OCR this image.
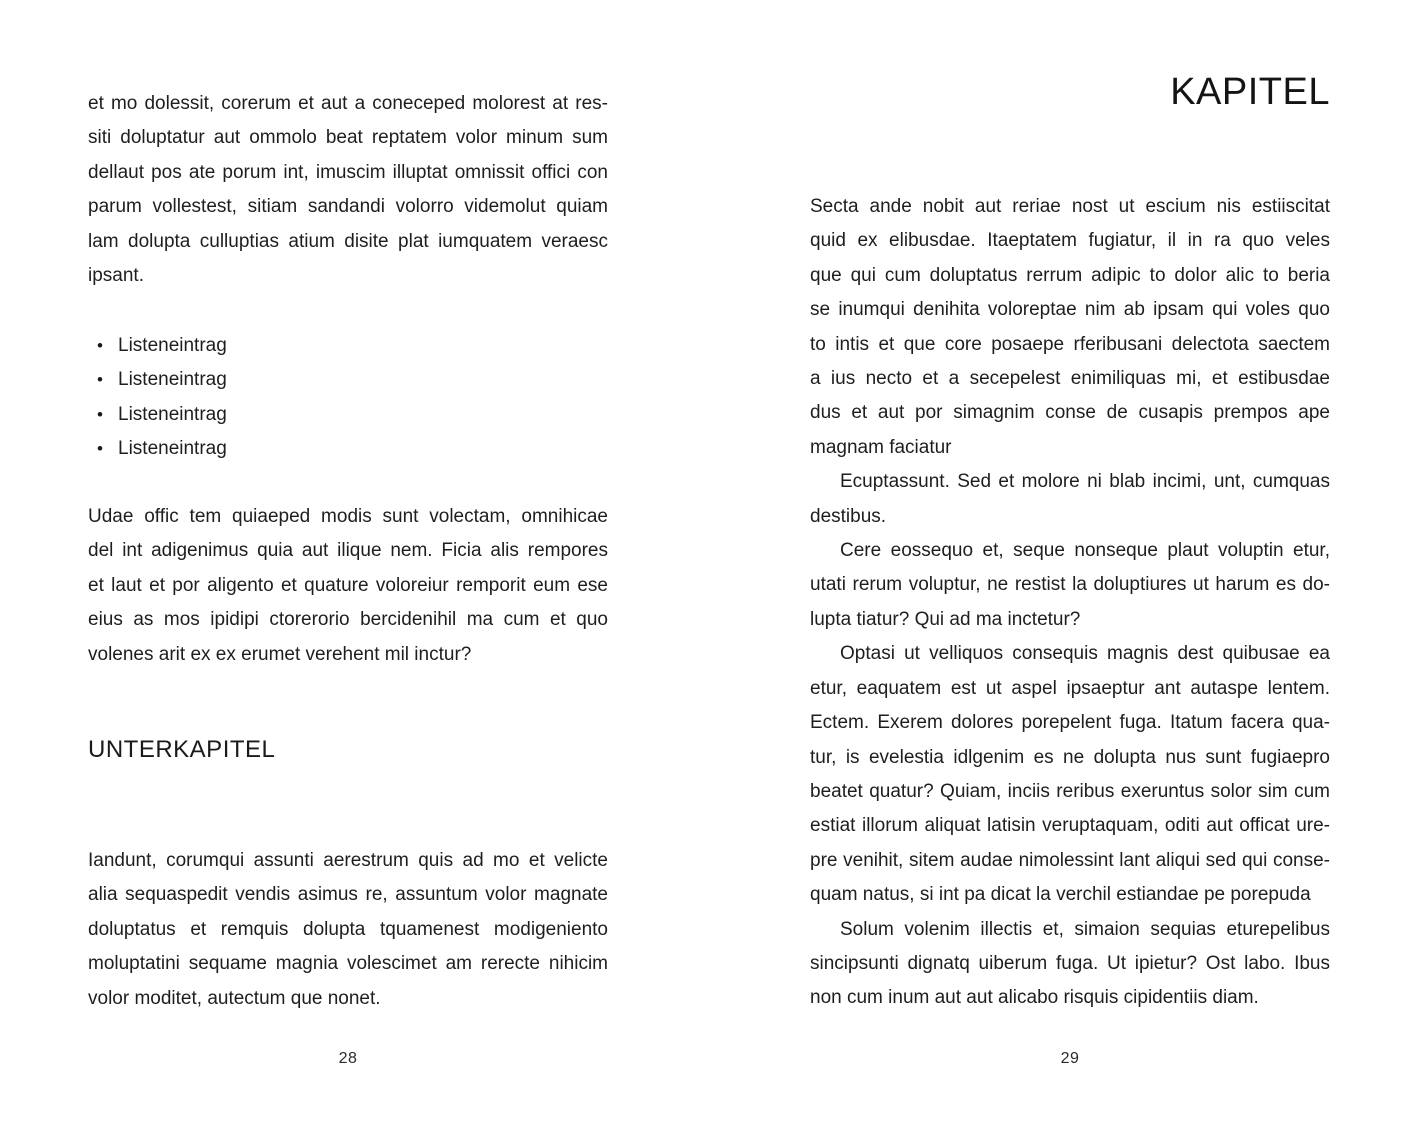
et mo dolessit, corerum et aut a coneceped molorest at res-
siti doluptatur aut ommolo beat reptatem volor minum sum
dellaut pos ate porum int, imuscim illuptat omnissit offici con
parum vollestest, sitiam sandandi volorro videmolut quiam
lam dolupta culluptias atium disite plat iumquatem veraesc
ipsant.
• Listeneintrag
• Listeneintrag
• Listeneintrag
• Listeneintrag
Udae offic tem quiaeped modis sunt volectam, omnihicae
del int adigenimus quia aut ilique nem. Ficia alis rempores
et laut et por aligento et quature voloreiur remporit eum ese
eius as mos ipidipi ctorerorio bercidenihil ma cum et quo
volenes arit ex ex erumet verehent mil inctur?
UNTERKAPITEL
Iandunt, corumqui assunti aerestrum quis ad mo et velicte
alia sequaspedit vendis asimus re, assuntum volor magnate
doluptatus et remquis dolupta tquamenest modigeniento
moluptatini sequame magnia volescimet am rerecte nihicim
volor moditet, autectum que nonet.
28
KAPITEL
Secta ande nobit aut reriae nost ut escium nis estiiscitat
quid ex elibusdae. Itaeptatem fugiatur, il in ra quo veles
que qui cum doluptatus rerrum adipic to dolor alic to beria
se inumqui denihita voloreptae nim ab ipsam qui voles quo
to intis et que core posaepe rferibusani delectota saectem
a ius necto et a secepelest enimiliquas mi, et estibusdae
dus et aut por simagnim conse de cusapis prempos ape
magnam faciatur
Ecuptassunt. Sed et molore ni blab incimi, unt, cumquas
destibus.
Cere eossequo et, seque nonseque plaut voluptin etur,
utati rerum voluptur, ne restist la doluptiures ut harum es do-
lupta tiatur? Qui ad ma inctetur?
Optasi ut velliquos consequis magnis dest quibusae ea
etur, eaquatem est ut aspel ipsaeptur ant autaspe lentem.
Ectem. Exerem dolores porepelent fuga. Itatum facera qua-
tur, is evelestia idlgenim es ne dolupta nus sunt fugiaepro
beatet quatur? Quiam, inciis reribus exeruntus solor sim cum
estiat illorum aliquat latisin veruptaquam, oditi aut officat ure-
pre venihit, sitem audae nimolessint lant aliqui sed qui conse-
quam natus, si int pa dicat la verchil estiandae pe porepuda
Solum volenim illectis et, simaion sequias eturepelibus
sincipsunti dignatq uiberum fuga. Ut ipietur? Ost labo. Ibus
non cum inum aut aut alicabo risquis cipidentiis diam.
29
